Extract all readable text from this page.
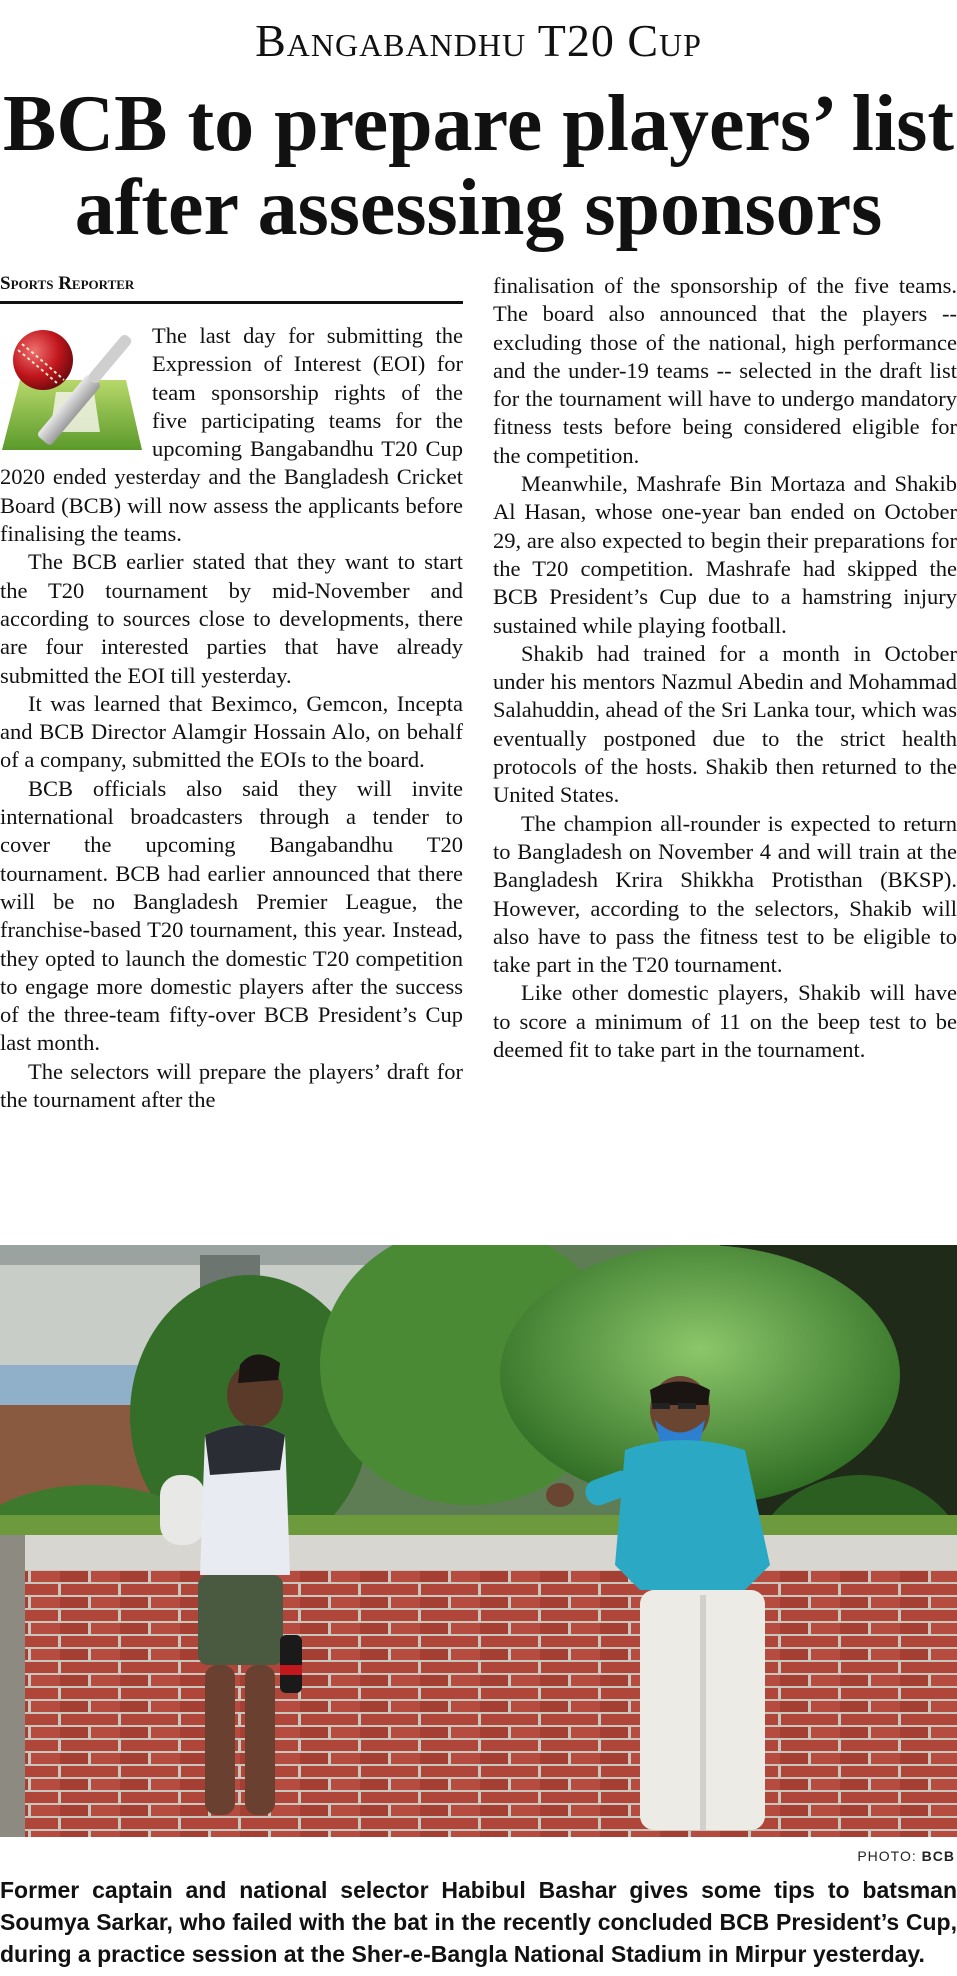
Bangabandhu T20 Cup
BCB to prepare players’ list
after assessing sponsors
Sports Reporter

The last day for submitting the Expression of Interest (EOI) for team sponsorship rights of the five participating teams for the upcoming Bangabandhu T20 Cup 2020 ended yesterday and the Bangladesh Cricket Board (BCB) will now assess the applicants before finalising the teams.

The BCB earlier stated that they want to start the T20 tournament by mid-November and according to sources close to developments, there are four interested parties that have already submitted the EOI till yesterday.

It was learned that Beximco, Gemcon, Incepta and BCB Director Alamgir Hossain Alo, on behalf of a company, submitted the EOIs to the board.

BCB officials also said they will invite international broadcasters through a tender to cover the upcoming Bangabandhu T20 tournament. BCB had earlier announced that there will be no Bangladesh Premier League, the franchise-based T20 tournament, this year. Instead, they opted to launch the domestic T20 competition to engage more domestic players after the success of the three-team fifty-over BCB President’s Cup last month.

The selectors will prepare the players’ draft for the tournament after the

finalisation of the sponsorship of the five teams. The board also announced that the players -- excluding those of the national, high performance and the under-19 teams -- selected in the draft list for the tournament will have to undergo mandatory fitness tests before being considered eligible for the competition.

Meanwhile, Mashrafe Bin Mortaza and Shakib Al Hasan, whose one-year ban ended on October 29, are also expected to begin their preparations for the T20 competition. Mashrafe had skipped the BCB President’s Cup due to a hamstring injury sustained while playing football.

Shakib had trained for a month in October under his mentors Nazmul Abedin and Mohammad Salahuddin, ahead of the Sri Lanka tour, which was eventually postponed due to the strict health protocols of the hosts. Shakib then returned to the United States.

The champion all-rounder is expected to return to Bangladesh on November 4 and will train at the Bangladesh Krira Shikkha Protisthan (BKSP). However, according to the selectors, Shakib will also have to pass the fitness test to be eligible to take part in the T20 tournament.

Like other domestic players, Shakib will have to score a minimum of 11 on the beep test to be deemed fit to take part in the tournament.

PHOTO: BCB
Former captain and national selector Habibul Bashar gives some tips to batsman Soumya Sarkar, who failed with the bat in the recently concluded BCB President’s Cup, during a practice session at the Sher-e-Bangla National Stadium in Mirpur yesterday.
